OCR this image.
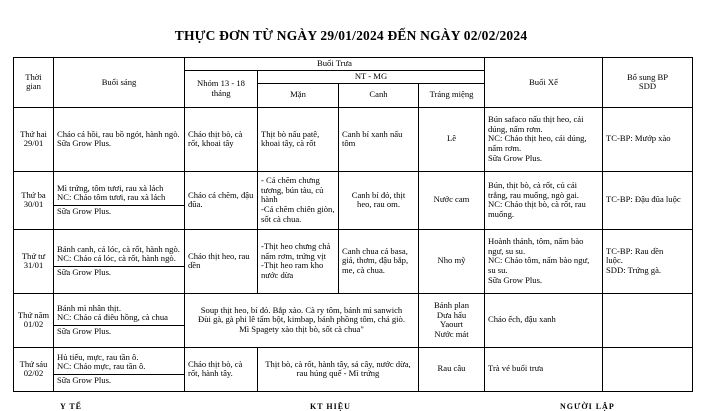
THỰC ĐƠN TỪ NGÀY 29/01/2024 ĐẾN NGÀY 02/02/2024
Thời
gian	Buổi sáng	Buổi Trưa				Buổi Xế	Bổ sung BP
SDD

		Nhóm 13 - 18
tháng	NT - MG				
			Mặn	Canh	Tráng miệng		

Thứ hai
29/01	Cháo cá hồi, rau bồ ngót, hành ngò.
Sữa Grow Plus.	Cháo thịt bò, cà
rốt, khoai tây	Thịt bò nấu patê,
khoai tây, cà rốt	Canh bí xanh nấu
tôm	Lê	Bún safaco nấu thịt heo, cải
dúng, nấm rơm.
NC: Cháo thịt heo, cải dúng,
nấm rơm.
Sữa Grow Plus.	TC-BP: Mướp xào

Thứ ba
30/01	Mì trứng, tôm tươi, rau xà lách
NC: Cháo tôm tươi, rau xà lách
Sữa Grow Plus.	Cháo cá chẽm, đậu
đũa.	- Cá chẽm chưng
tương, bún tàu, củ
hành
-Cá chẽm chiên giòn,
sốt cà chua.	Canh bí đỏ, thịt
heo, rau om.	Nước cam	Bún, thịt bò, cà rốt, củ cải
trắng, rau muống, ngò gai.
NC: Cháo thịt bò, cà rốt, rau
muống.	TC-BP: Đậu đũa luộc

Thứ tư
31/01	Bánh canh, cá lóc, cà rốt, hành ngò.
NC: Cháo cá lóc, cà rốt, hành ngò.
Sữa Grow Plus.	Cháo thịt heo, rau
dền	-Thịt heo chưng chả
nấm rơm, trứng vịt
-Thịt heo ram kho
nước dừa	Canh chua cá basa,
giá, thơm, đậu bắp,
me, cà chua.	Nho mỹ	Hoành thánh, tôm, nấm bào
ngư, su su.
NC: Cháo tôm, nấm bào ngư,
su su.
Sữa Grow Plus.	TC-BP: Rau dền
luộc.
SDD: Trứng gà.

Thứ năm
01/02	Bánh mì nhân thịt.
NC: Cháo cá điêu hồng, cà chua
Sữa Grow Plus.	Soup thịt heo, bí đỏ. Bắp xào. Cà ry tôm, bánh mì sanwich
Đùi gà, gà phi lê tẩm bột, kimbap, bánh phồng tôm, chả giò.
Mì Spagety xào thịt bò, sốt cà chua"			Bánh plan
Dưa hấu
Yaourt
Nước mát	Cháo ếch, đậu xanh	

Thứ sáu
02/02	Hủ tiếu, mực, rau tần ô.
NC: Cháo mực, rau tần ô.
Sữa Grow Plus.	Cháo thịt bò, cà
rốt, hành tây.	Thịt bò, cà rốt, hành tây, sả cây, nước dừa,
rau húng quế - Mì trứng		Rau câu	Trà vé buổi trưa	

Y TẾ	KT HIỆU	NGƯỜI LẬP
